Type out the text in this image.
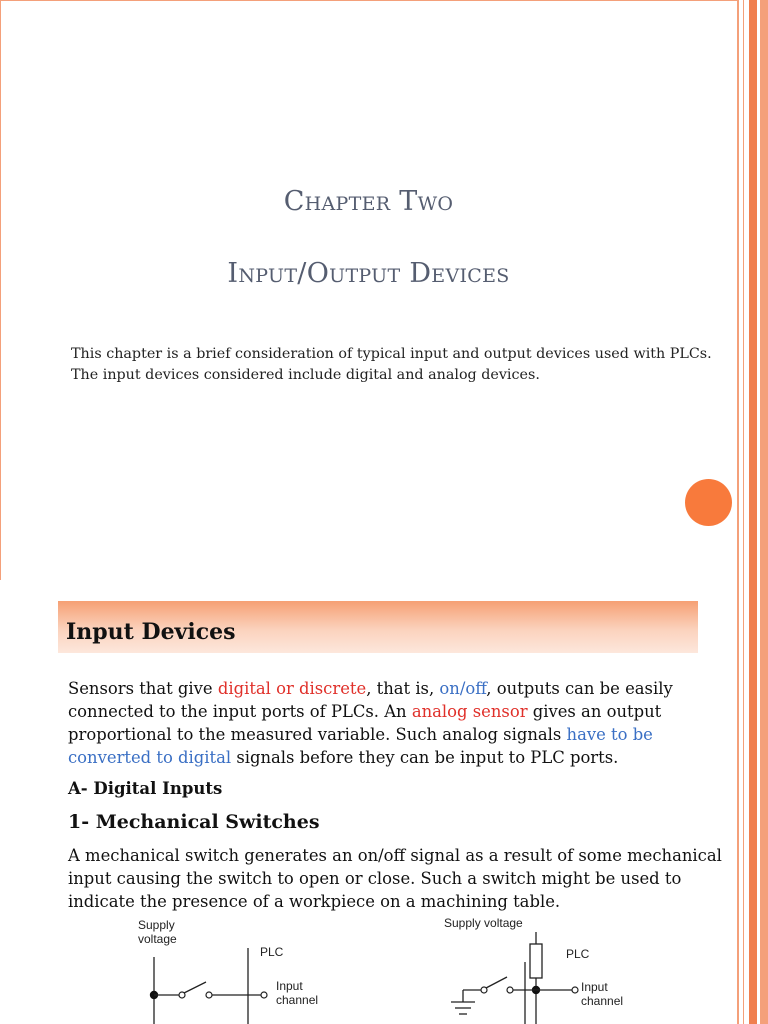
Chapter Two
Input/Output Devices
This chapter is a brief consideration of typical input and output devices used with PLCs. The input devices considered include digital and analog devices.
Input Devices
Sensors that give digital or discrete, that is, on/off, outputs can be easily connected to the input ports of PLCs. An analog sensor gives an output proportional to the measured variable. Such analog signals have to be converted to digital signals before they can be input to PLC ports.
A- Digital Inputs
1- Mechanical Switches
A mechanical switch generates an on/off signal as a result of some mechanical input causing the switch to open or close. Such a switch might be used to indicate the presence of a workpiece on a machining table.
Supply
voltage
PLC
Input
channel
Supply voltage
PLC
Input
channel
